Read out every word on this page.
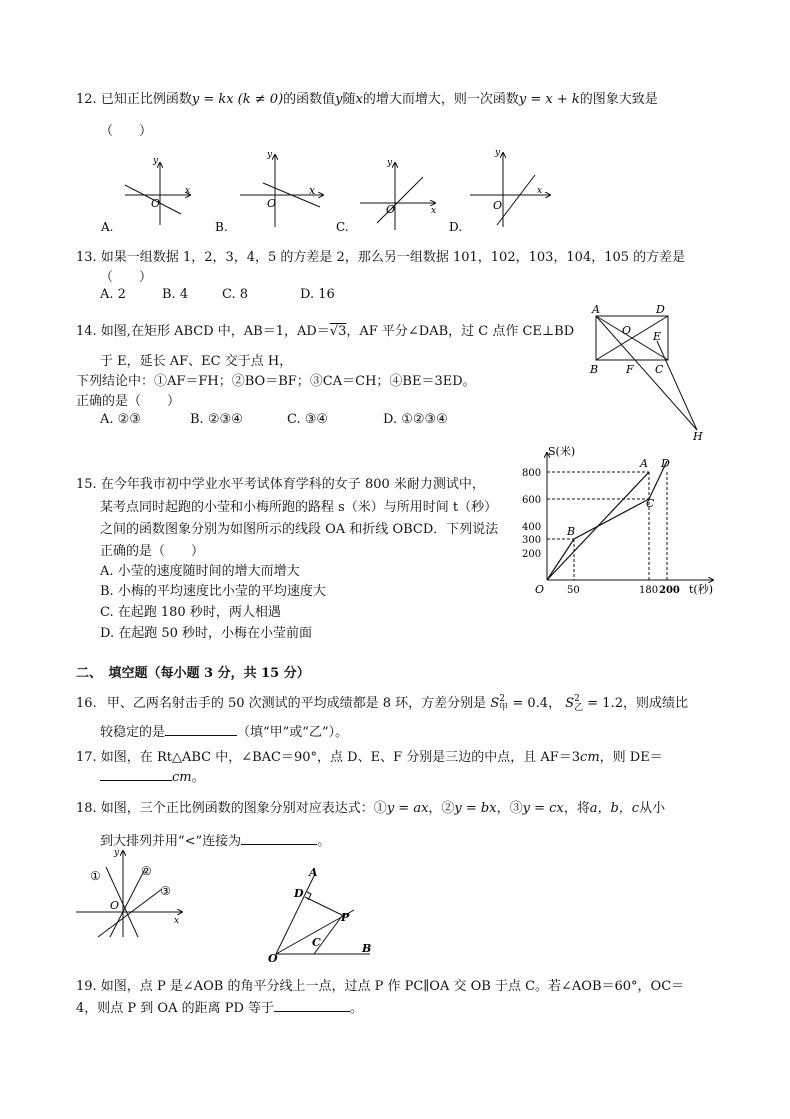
12. 已知正比例函数y = kx (k ≠ 0)的函数值y随x的增大而增大，则一次函数y = x + k的图象大致是
（　　）
y
x
O
A.
y
x
O
B.
y
x
O
C.
y
x
O
D.
13. 如果一组数据 1，2，3，4，5 的方差是 2，那么另一组数据 101，102，103，104，105 的方差是
（　　）
A. 2	B. 4	C. 8	D. 16
14. 如图,在矩形 ABCD 中，AB＝1，AD＝√3，AF 平分∠DAB，过 C 点作 CE⊥BD
于 E，延长 AF、EC 交于点 H，
下列结论中：①AF＝FH；②BO＝BF；③CA＝CH；④BE＝3ED。
正确的是（　　）
A. ②③	B. ②③④	C. ③④	D. ①②③④
A	D
O E
B	F C
H
15. 在今年我市初中学业水平考试体育学科的女子 800 米耐力测试中，
某考点同时起跑的小莹和小梅所跑的路程 s（米）与所用时间 t（秒）
之间的函数图象分别为如图所示的线段 OA 和折线 OBCD．下列说法
正确的是（　　）
A. 小莹的速度随时间的增大而增大
B. 小梅的平均速度比小莹的平均速度大
C. 在起跑 180 秒时，两人相遇
D. 在起跑 50 秒时，小梅在小莹前面
S(米)
t(秒)
800
600
400
300
200
50	180 200
O
A D
B
C
二、　填空题（每小题 3 分，共 15 分）
16. 甲、乙两名射击手的 50 次测试的平均成绩都是 8 环，方差分别是 S 2
甲 = 0.4， S 2
乙 = 1.2，则成绩比
较稳定的是	（填“甲”或“乙”）。
17. 如图，在 Rt△ABC 中，∠BAC＝90°，点 D、E、F 分别是三边的中点，且 AF＝3cm，则 DE＝
cm。
18. 如图，三个正比例函数的图象分别对应表达式：①y = ax，②y = bx，③y = cx，将a，b，c从小
到大排列并用“<”连接为	。
①	②
③
y
x
O
A
D
P
O
C	B
19. 如图，点 P 是∠AOB 的角平分线上一点，过点 P 作 PC∥OA 交 OB 于点 C。若∠AOB＝60°，OC＝
4，则点 P 到 OA 的距离 PD 等于	。
